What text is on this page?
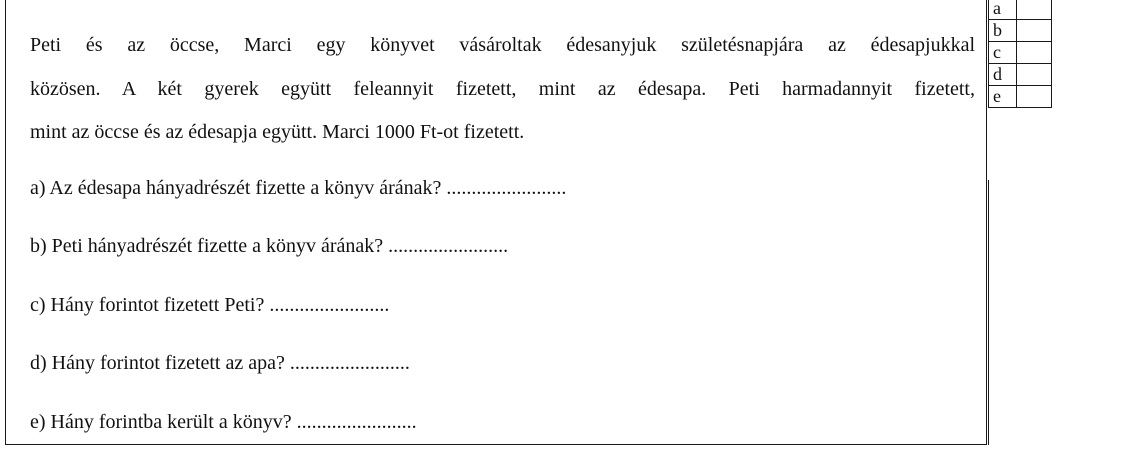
Peti és az öccse, Marci egy könyvet vásároltak édesanyjuk születésnapjára az édesapjukkal
közösen. A két gyerek együtt feleannyit fizetett, mint az édesapa. Peti harmadannyit fizetett,
mint az öccse és az édesapja együtt. Marci 1000 Ft-ot fizetett.
a) Az édesapa hányadrészét fizette a könyv árának? ........................
b) Peti hányadrészét fizette a könyv árának? ........................
c) Hány forintot fizetett Peti? ........................
d) Hány forintot fizetett az apa? ........................
e) Hány forintba került a könyv? ........................
a	
b	
c	
d	
e	
